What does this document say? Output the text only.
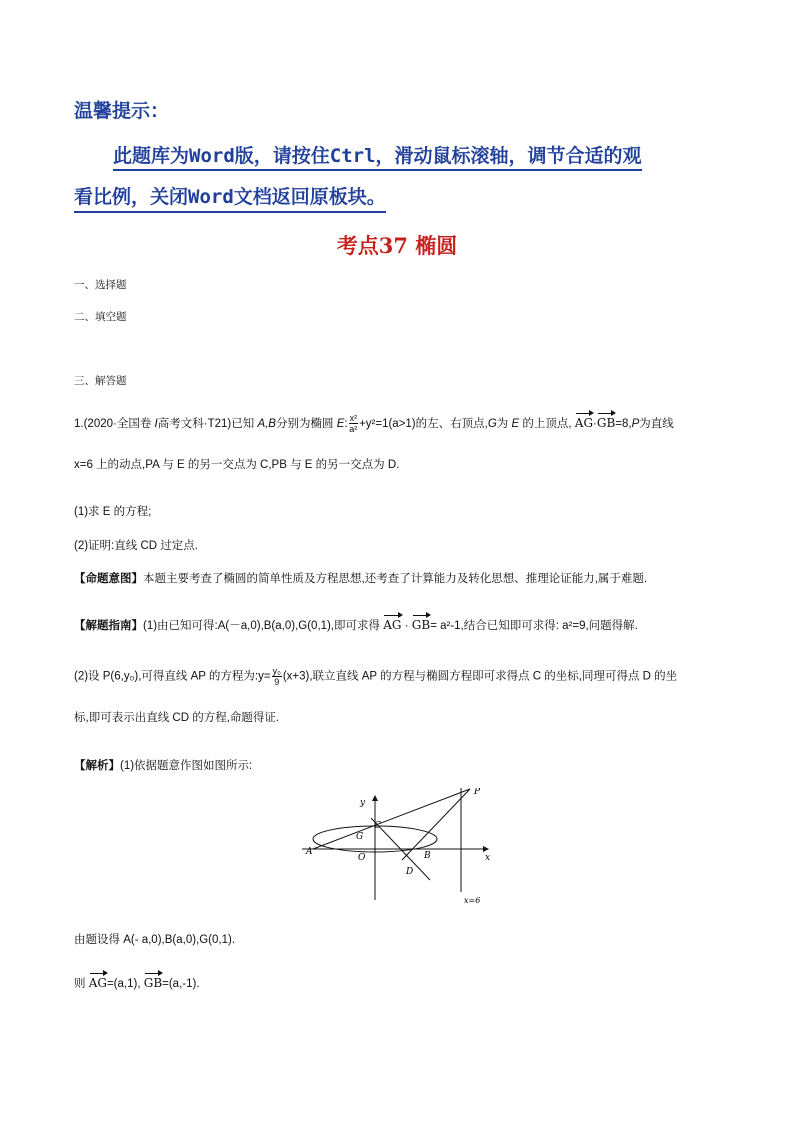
温馨提示：
此题库为Word版，请按住Ctrl，滑动鼠标滚轴，调节合适的观
看比例，关闭Word文档返回原板块。
考点37 椭圆
一、选择题
二、填空题
三、解答题
1.(2020·全国卷 I高考文科·T21)已知 A,B分别为椭圆 E: $\frac{\text{x²}}{\text{a²}} +y^2=1(a>1)$的左、右顶点,G为 E 的上顶点, AG·GB=8,P为直线
x=6 上的动点,PA 与 E 的另一交点为 C,PB 与 E 的另一交点为 D.
(1)求 E 的方程;
(2)证明:直线 CD 过定点.
【命题意图】本题主要考查了椭圆的简单性质及方程思想,还考查了计算能力及转化思想、推理论证能力,属于难题.
【解题指南】(1)由已知可得:A(－a,0),B(a,0),G(0,1),即可求得 AG · GB= a²-1,结合已知即可求得: a²=9,问题得解.
(2)设 P(6,y₀),可得直线 AP 的方程为:y= $\frac{\text{y₀}}{9} (x+3)$,联立直线 AP 的方程与椭圆方程即可求得点 C 的坐标,同理可得点 D 的坐
标,即可表示出直线 CD 的方程,命题得证.
【解析】(1)依据题意作图如图所示:
y
x
P
G
C
A
O	B
D
x=6
由题设得 A(- a,0),B(a,0),G(0,1).
则 AG=(a,1), GB=(a,-1).
